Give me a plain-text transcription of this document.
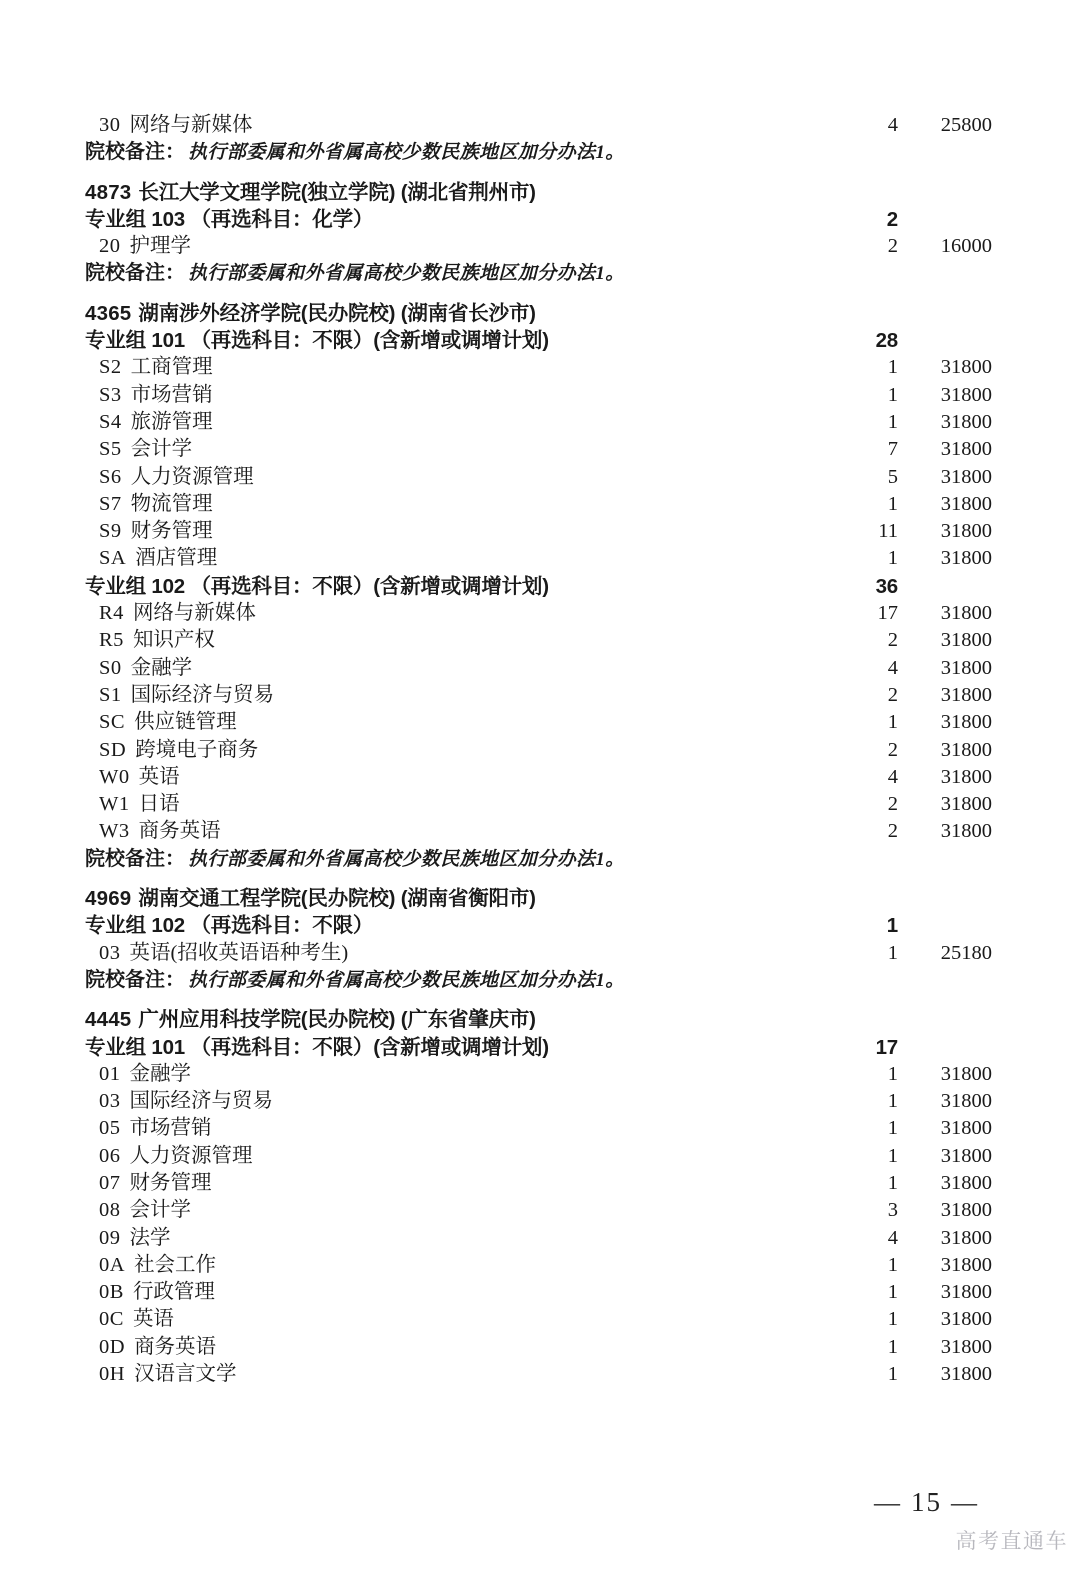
30 网络与新媒体	4	25800
院校备注： 执行部委属和外省属高校少数民族地区加分办法1。
4873 长江大学文理学院(独立学院) (湖北省荆州市)
专业组 103 （再选科目：化学）	2
20 护理学	2	16000
院校备注： 执行部委属和外省属高校少数民族地区加分办法1。
4365 湖南涉外经济学院(民办院校) (湖南省长沙市)
专业组 101 （再选科目：不限）(含新增或调增计划)	28
S2 工商管理	1	31800
S3 市场营销	1	31800
S4 旅游管理	1	31800
S5 会计学	7	31800
S6 人力资源管理	5	31800
S7 物流管理	1	31800
S9 财务管理	11	31800
SA 酒店管理	1	31800
专业组 102 （再选科目：不限）(含新增或调增计划)	36
R4 网络与新媒体	17	31800
R5 知识产权	2	31800
S0 金融学	4	31800
S1 国际经济与贸易	2	31800
SC 供应链管理	1	31800
SD 跨境电子商务	2	31800
W0 英语	4	31800
W1 日语	2	31800
W3 商务英语	2	31800
院校备注： 执行部委属和外省属高校少数民族地区加分办法1。
4969 湖南交通工程学院(民办院校) (湖南省衡阳市)
专业组 102 （再选科目：不限）	1
03 英语(招收英语语种考生)	1	25180
院校备注： 执行部委属和外省属高校少数民族地区加分办法1。
4445 广州应用科技学院(民办院校) (广东省肇庆市)
专业组 101 （再选科目：不限）(含新增或调增计划)	17
01 金融学	1	31800
03 国际经济与贸易	1	31800
05 市场营销	1	31800
06 人力资源管理	1	31800
07 财务管理	1	31800
08 会计学	3	31800
09 法学	4	31800
0A 社会工作	1	31800
0B 行政管理	1	31800
0C 英语	1	31800
0D 商务英语	1	31800
0H 汉语言文学	1	31800
— 15 —
高考直通车
